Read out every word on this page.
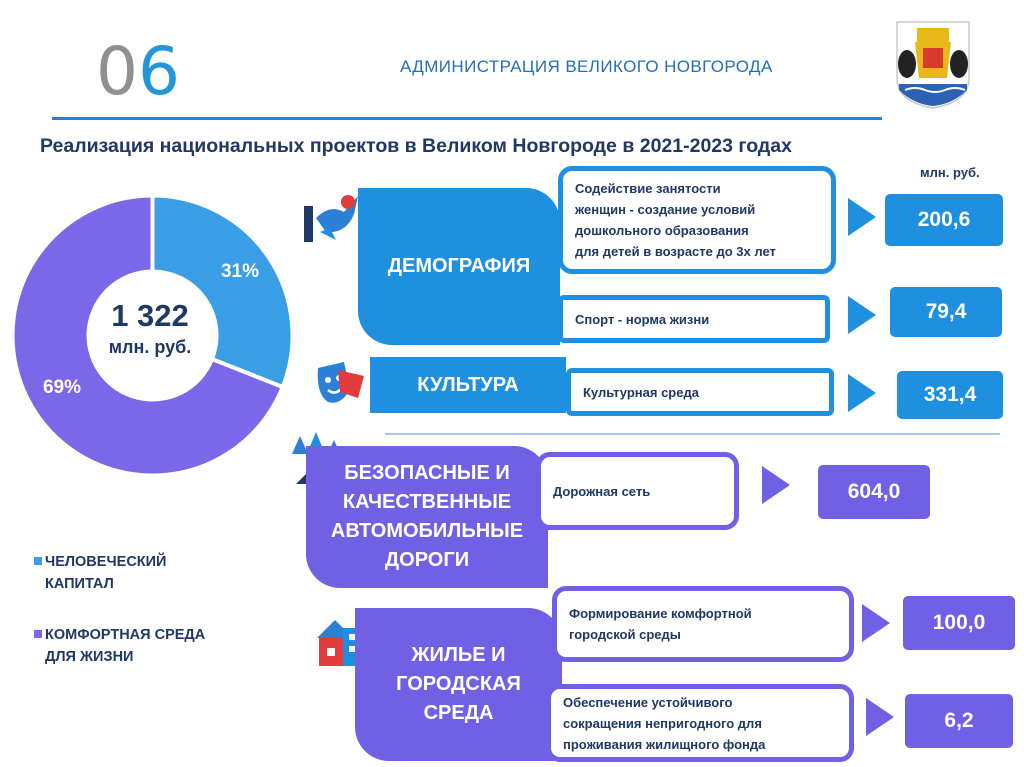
06	АДМИНИСТРАЦИЯ ВЕЛИКОГО НОВГОРОДА
Реализация национальных проектов в Великом Новгороде в 2021-2023 годах
млн. руб.
31%
69%
1 322
млн. руб.
ЧЕЛОВЕЧЕСКИЙ
КАПИТАЛ
КОМФОРТНАЯ СРЕДА
ДЛЯ ЖИЗНИ
ДЕМОГРАФИЯ
КУЛЬТУРА
БЕЗОПАСНЫЕ И
КАЧЕСТВЕННЫЕ
АВТОМОБИЛЬНЫЕ
ДОРОГИ
ЖИЛЬЕ И
ГОРОДСКАЯ
СРЕДА
Содействие занятости
женщин - создание условий
дошкольного образования
для детей в возрасте до 3х лет
Спорт - норма жизни
Культурная среда
Дорожная сеть
Формирование комфортной
городской среды
Обеспечение устойчивого
сокращения непригодного для
проживания жилищного фонда
200,6
79,4
331,4
604,0
100,0
6,2
